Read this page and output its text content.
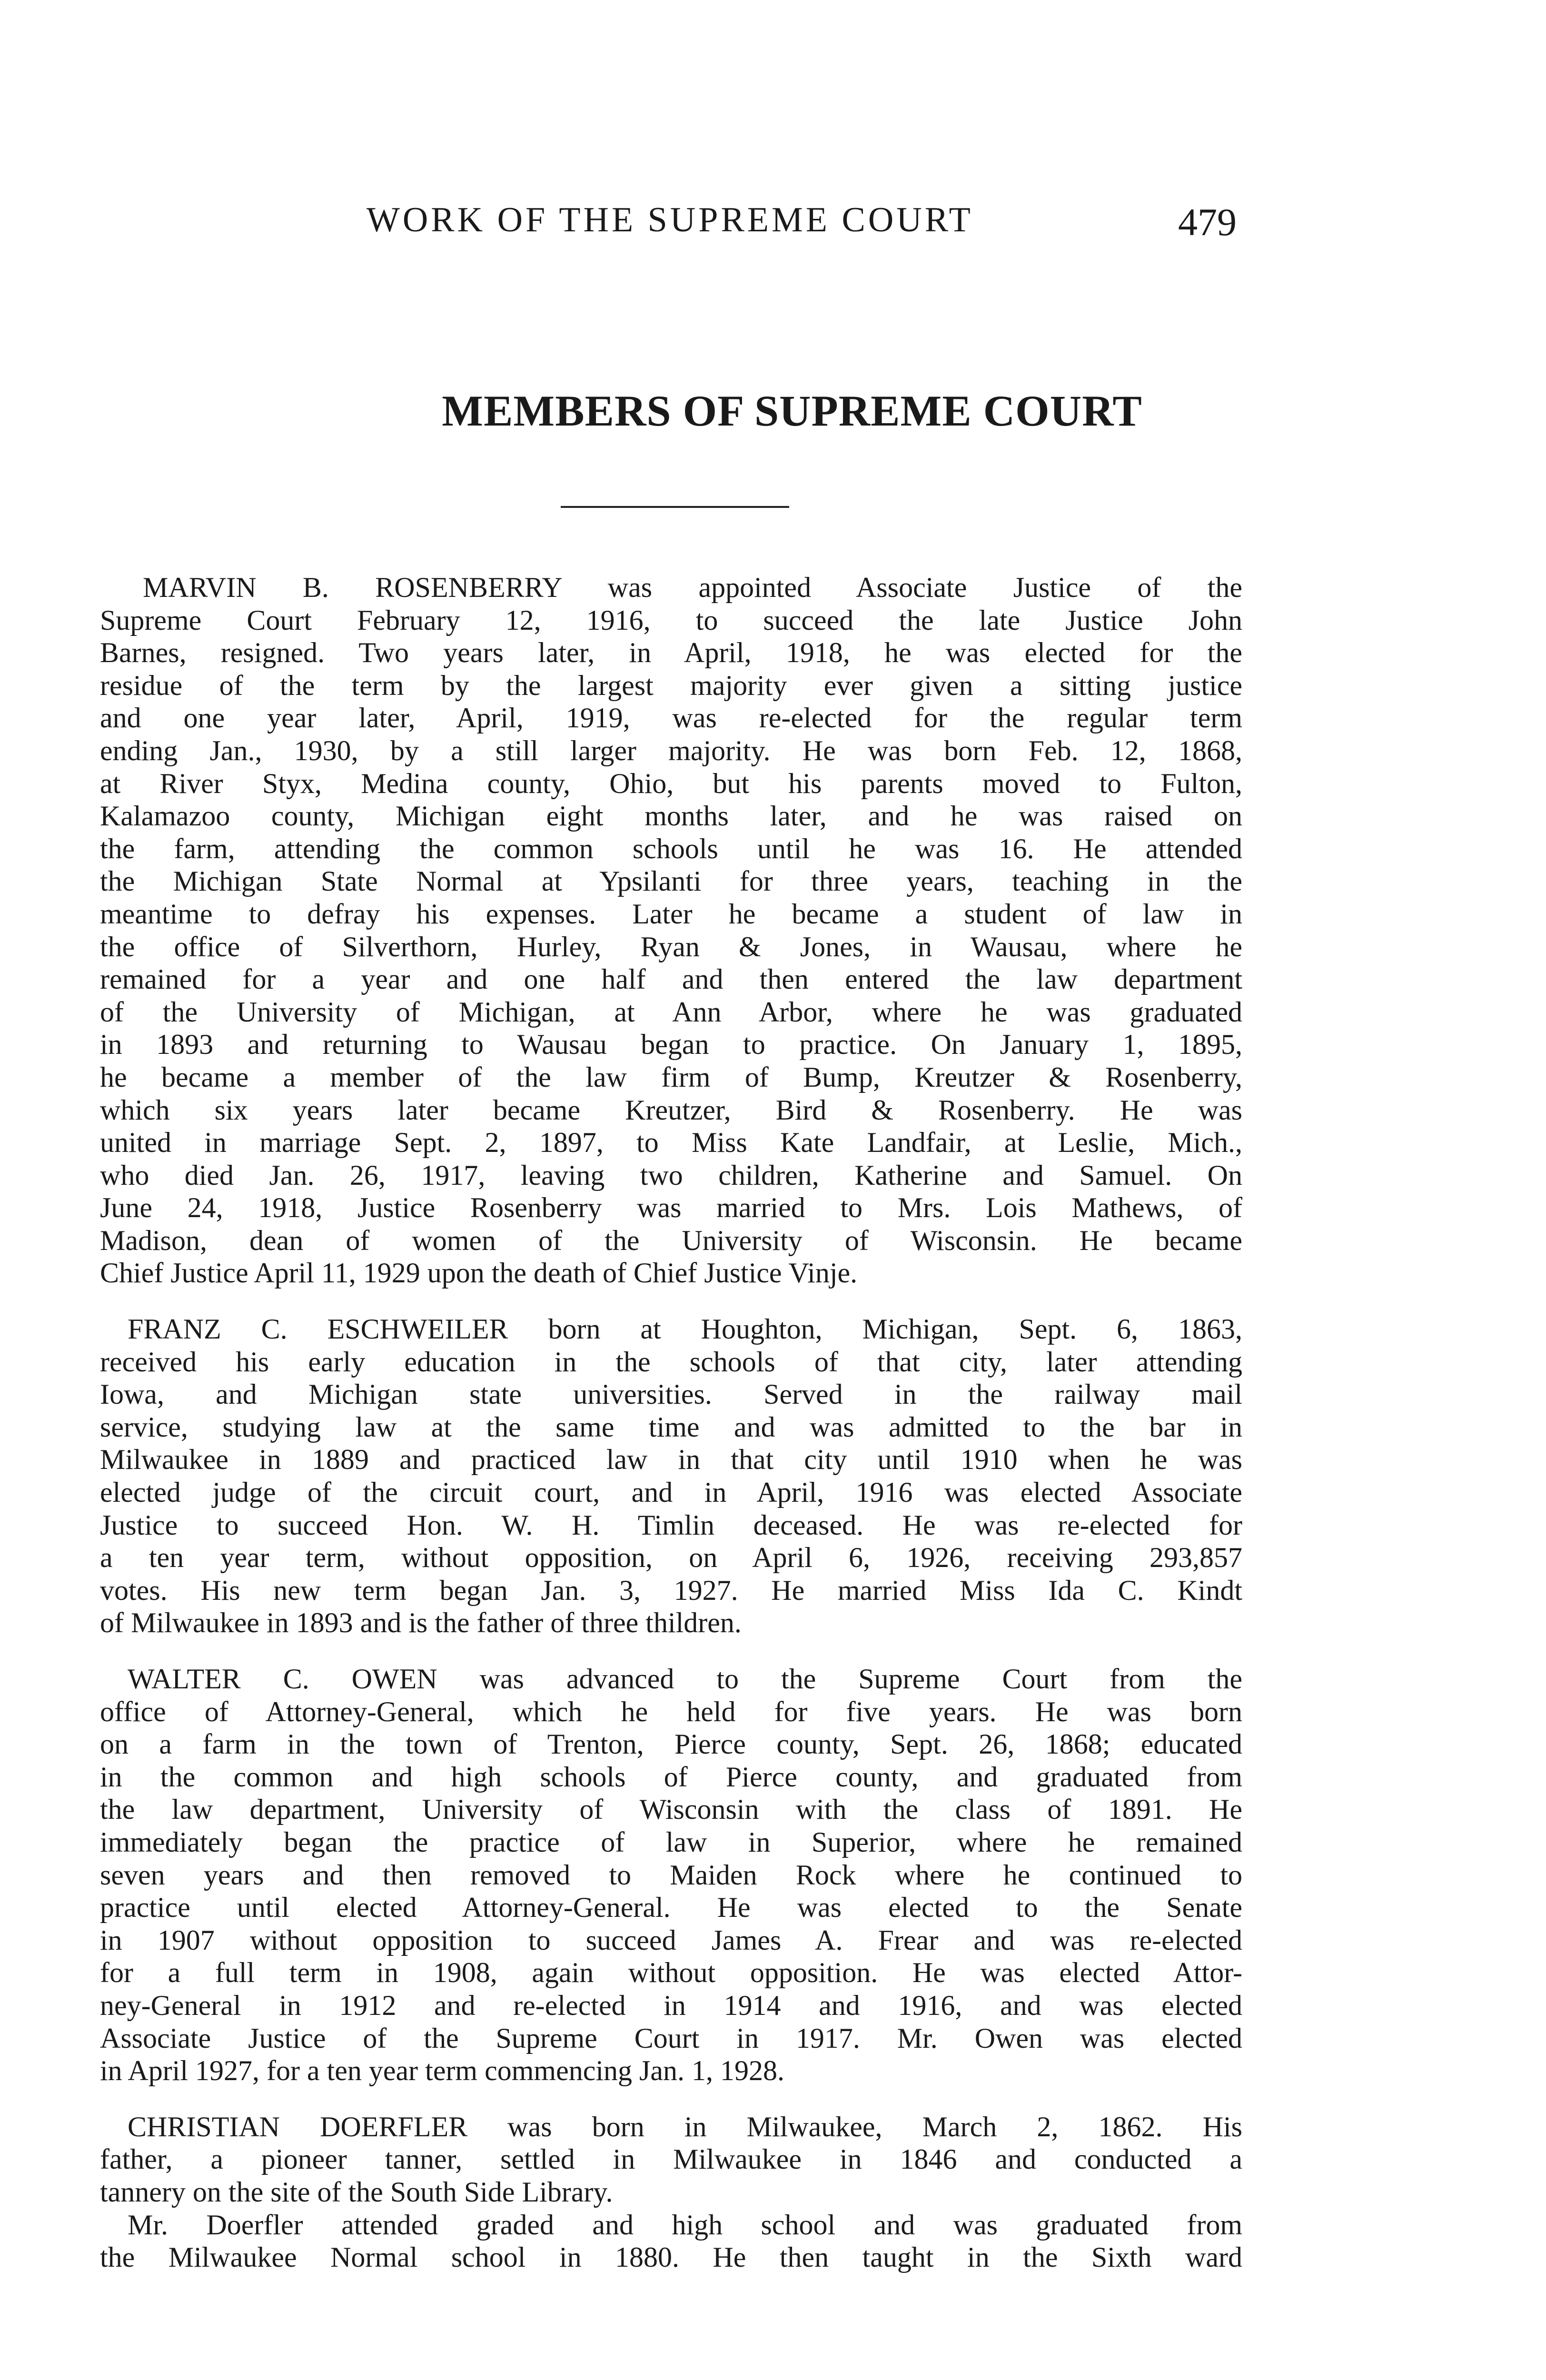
WORK OF THE SUPREME COURT	479
MEMBERS OF SUPREME COURT
MARVIN B. ROSENBERRY was appointed Associate Justice of the
Supreme Court February 12, 1916, to succeed the late Justice John
Barnes, resigned. Two years later, in April, 1918, he was elected for the
residue of the term by the largest majority ever given a sitting justice
and one year later, April, 1919, was re-elected for the regular term
ending Jan., 1930, by a still larger majority. He was born Feb. 12, 1868,
at River Styx, Medina county, Ohio, but his parents moved to Fulton,
Kalamazoo county, Michigan eight months later, and he was raised on
the farm, attending the common schools until he was 16. He attended
the Michigan State Normal at Ypsilanti for three years, teaching in the
meantime to defray his expenses. Later he became a student of law in
the office of Silverthorn, Hurley, Ryan & Jones, in Wausau, where he
remained for a year and one half and then entered the law department
of the University of Michigan, at Ann Arbor, where he was graduated
in 1893 and returning to Wausau began to practice. On January 1, 1895,
he became a member of the law firm of Bump, Kreutzer & Rosenberry,
which six years later became Kreutzer, Bird & Rosenberry. He was
united in marriage Sept. 2, 1897, to Miss Kate Landfair, at Leslie, Mich.,
who died Jan. 26, 1917, leaving two children, Katherine and Samuel. On
June 24, 1918, Justice Rosenberry was married to Mrs. Lois Mathews, of
Madison, dean of women of the University of Wisconsin. He became
Chief Justice April 11, 1929 upon the death of Chief Justice Vinje.
FRANZ C. ESCHWEILER born at Houghton, Michigan, Sept. 6, 1863,
received his early education in the schools of that city, later attending
Iowa, and Michigan state universities. Served in the railway mail
service, studying law at the same time and was admitted to the bar in
Milwaukee in 1889 and practiced law in that city until 1910 when he was
elected judge of the circuit court, and in April, 1916 was elected Associate
Justice to succeed Hon. W. H. Timlin deceased. He was re-elected for
a ten year term, without opposition, on April 6, 1926, receiving 293,857
votes. His new term began Jan. 3, 1927. He married Miss Ida C. Kindt
of Milwaukee in 1893 and is the father of three thildren.
WALTER C. OWEN was advanced to the Supreme Court from the
office of Attorney-General, which he held for five years. He was born
on a farm in the town of Trenton, Pierce county, Sept. 26, 1868; educated
in the common and high schools of Pierce county, and graduated from
the law department, University of Wisconsin with the class of 1891. He
immediately began the practice of law in Superior, where he remained
seven years and then removed to Maiden Rock where he continued to
practice until elected Attorney-General. He was elected to the Senate
in 1907 without opposition to succeed James A. Frear and was re-elected
for a full term in 1908, again without opposition. He was elected Attor-
ney-General in 1912 and re-elected in 1914 and 1916, and was elected
Associate Justice of the Supreme Court in 1917. Mr. Owen was elected
in April 1927, for a ten year term commencing Jan. 1, 1928.
CHRISTIAN DOERFLER was born in Milwaukee, March 2, 1862. His
father, a pioneer tanner, settled in Milwaukee in 1846 and conducted a
tannery on the site of the South Side Library.
Mr. Doerfler attended graded and high school and was graduated from
the Milwaukee Normal school in 1880. He then taught in the Sixth ward
